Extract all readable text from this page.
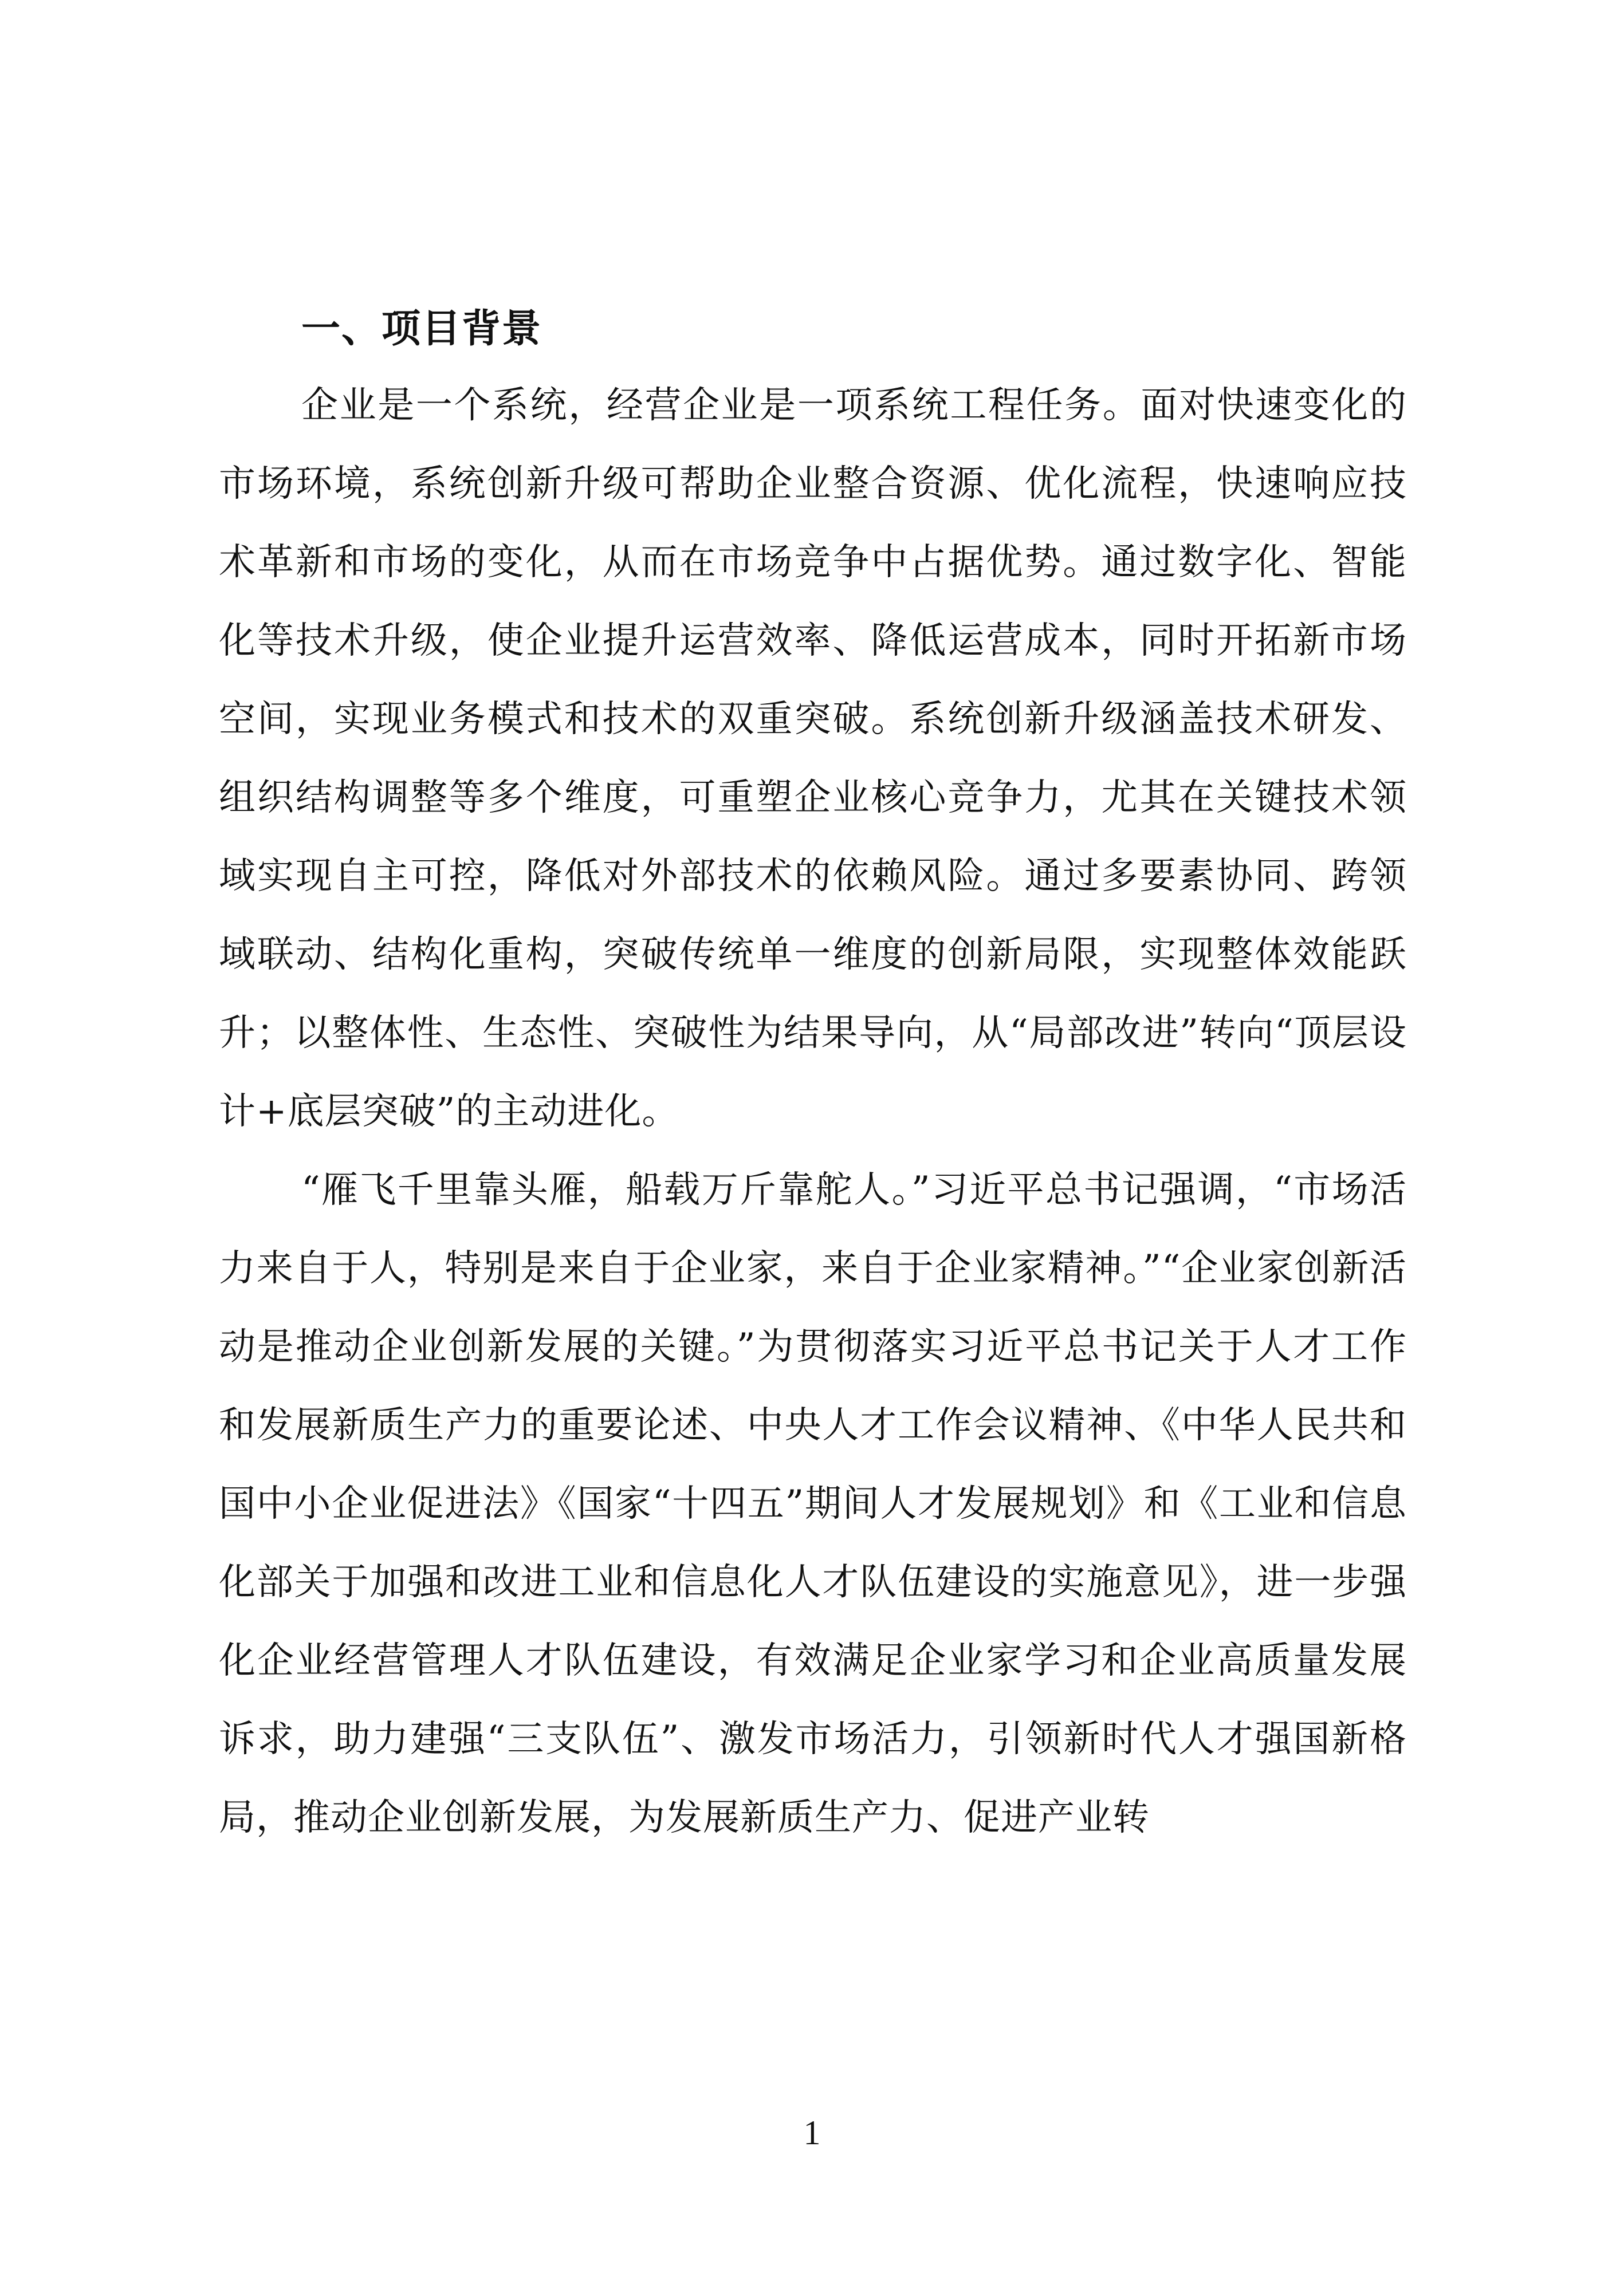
一、项目背景

企业是一个系统，经营企业是一项系统工程任务。面对快速变化的市场环境，系统创新升级可帮助企业整合资源、优化流程，快速响应技术革新和市场的变化，从而在市场竞争中占据优势。通过数字化、智能化等技术升级，使企业提升运营效率、降低运营成本，同时开拓新市场空间，实现业务模式和技术的双重突破。系统创新升级涵盖技术研发、组织结构调整等多个维度，可重塑企业核心竞争力，尤其在关键技术领域实现自主可控，降低对外部技术的依赖风险。通过多要素协同、跨领域联动、结构化重构，突破传统单一维度的创新局限，实现整体效能跃升；以整体性、生态性、突破性为结果导向，从“局部改进”转向“顶层设计+底层突破”的主动进化。

“雁飞千里靠头雁，船载万斤靠舵人。”习近平总书记强调，“市场活力来自于人，特别是来自于企业家，来自于企业家精神。”“企业家创新活动是推动企业创新发展的关键。”为贯彻落实习近平总书记关于人才工作和发展新质生产力的重要论述、中央人才工作会议精神、《中华人民共和国中小企业促进法》《国家“十四五”期间人才发展规划》和《工业和信息化部关于加强和改进工业和信息化人才队伍建设的实施意见》，进一步强化企业经营管理人才队伍建设，有效满足企业家学习和企业高质量发展诉求，助力建强“三支队伍”、激发市场活力，引领新时代人才强国新格局，推动企业创新发展，为发展新质生产力、促进产业转

1
